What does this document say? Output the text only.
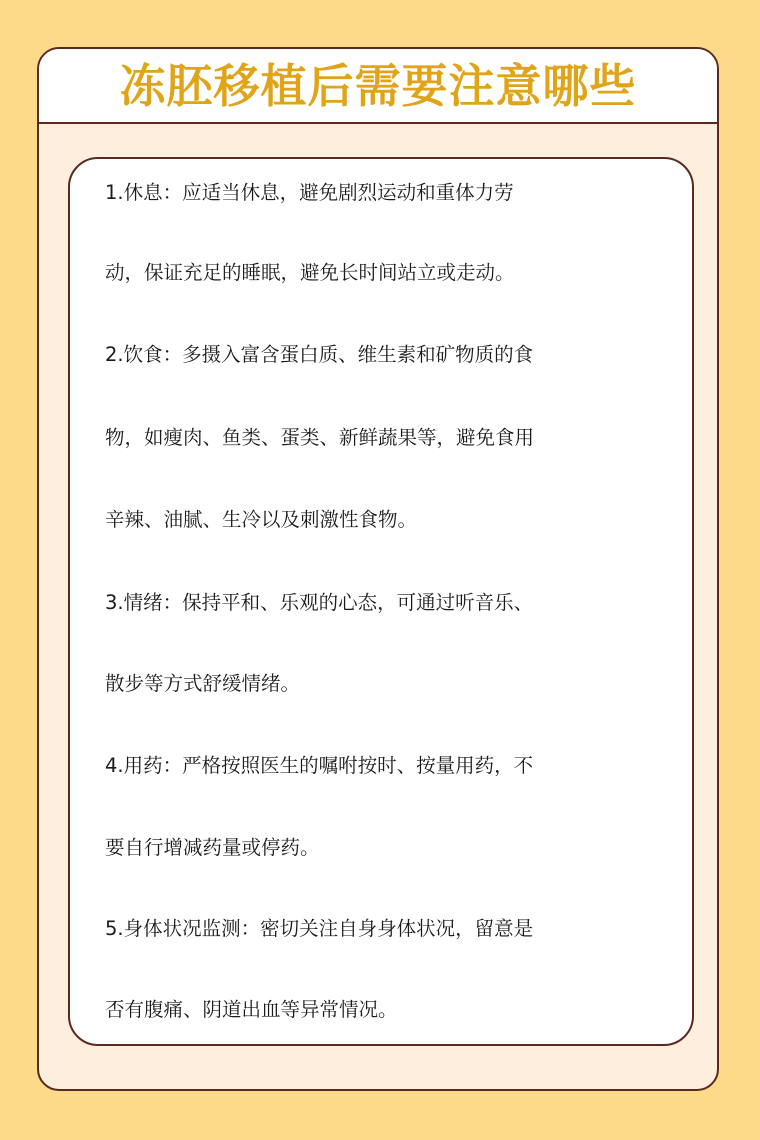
冻胚移植后需要注意哪些
1.休息：应适当休息，避免剧烈运动和重体力劳
动，保证充足的睡眠，避免长时间站立或走动。
2.饮食：多摄入富含蛋白质、维生素和矿物质的食
物，如瘦肉、鱼类、蛋类、新鲜蔬果等，避免食用
辛辣、油腻、生冷以及刺激性食物。
3.情绪：保持平和、乐观的心态，可通过听音乐、
散步等方式舒缓情绪。
4.用药：严格按照医生的嘱咐按时、按量用药，不
要自行增减药量或停药。
5.身体状况监测：密切关注自身身体状况，留意是
否有腹痛、阴道出血等异常情况。
